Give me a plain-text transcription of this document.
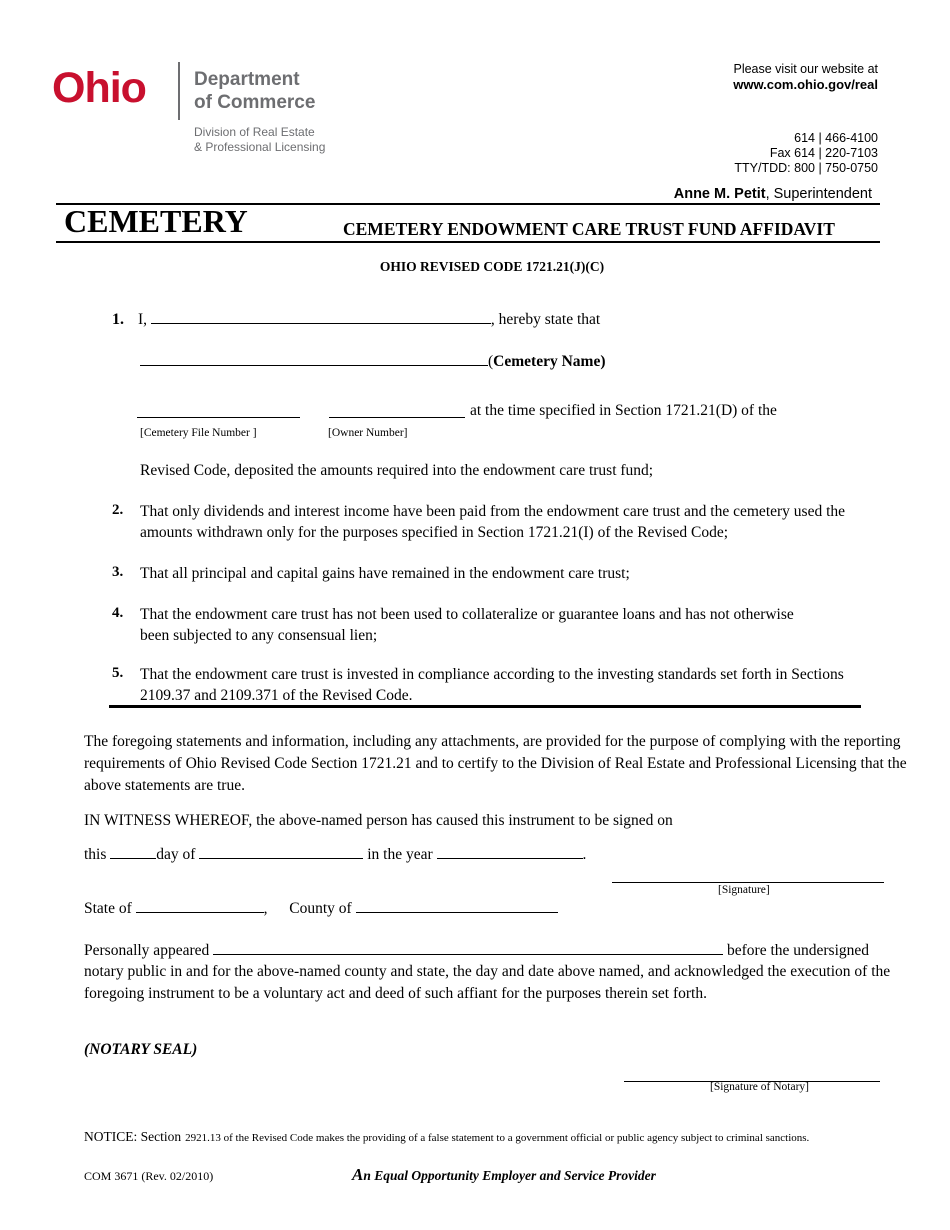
Ohio	Department
of Commerce
Division of Real Estate
& Professional Licensing
Please visit our website at
www.com.ohio.gov/real
614 | 466-4100
Fax 614 | 220-7103
TTY/TDD: 800 | 750-0750
Anne M. Petit, Superintendent
CEMETERY	CEMETERY ENDOWMENT CARE TRUST FUND AFFIDAVIT
OHIO REVISED CODE 1721.21(J)(C)
1. I,	, hereby state that
(Cemetery Name)
at the time specified in Section 1721.21(D) of the
[Cemetery File Number ]	[Owner Number]
Revised Code, deposited the amounts required into the endowment care trust fund;
2. That only dividends and interest income have been paid from the endowment care trust and the cemetery used the amounts withdrawn only for the purposes specified in Section 1721.21(I) of the Revised Code;
3. That all principal and capital gains have remained in the endowment care trust;
4. That the endowment care trust has not been used to collateralize or guarantee loans and has not otherwise been subjected to any consensual lien;
5. That the endowment care trust is invested in compliance according to the investing standards set forth in Sections 2109.37 and 2109.371 of the Revised Code.
The foregoing statements and information, including any attachments, are provided for the purpose of complying with the reporting requirements of Ohio Revised Code Section 1721.21 and to certify to the Division of Real Estate and Professional Licensing that the above statements are true.
IN WITNESS WHEREOF, the above-named person has caused this instrument to be signed on
this	day of	in the year	.
[Signature]
State of	, County of
Personally appeared	before the undersigned
notary public in and for the above-named county and state, the day and date above named, and acknowledged the execution of the foregoing instrument to be a voluntary act and deed of such affiant for the purposes therein set forth.
(NOTARY SEAL)
[Signature of Notary]
NOTICE: Section 2921.13 of the Revised Code makes the providing of a false statement to a government official or public agency subject to criminal sanctions.
COM 3671 (Rev. 02/2010)	An Equal Opportunity Employer and Service Provider
